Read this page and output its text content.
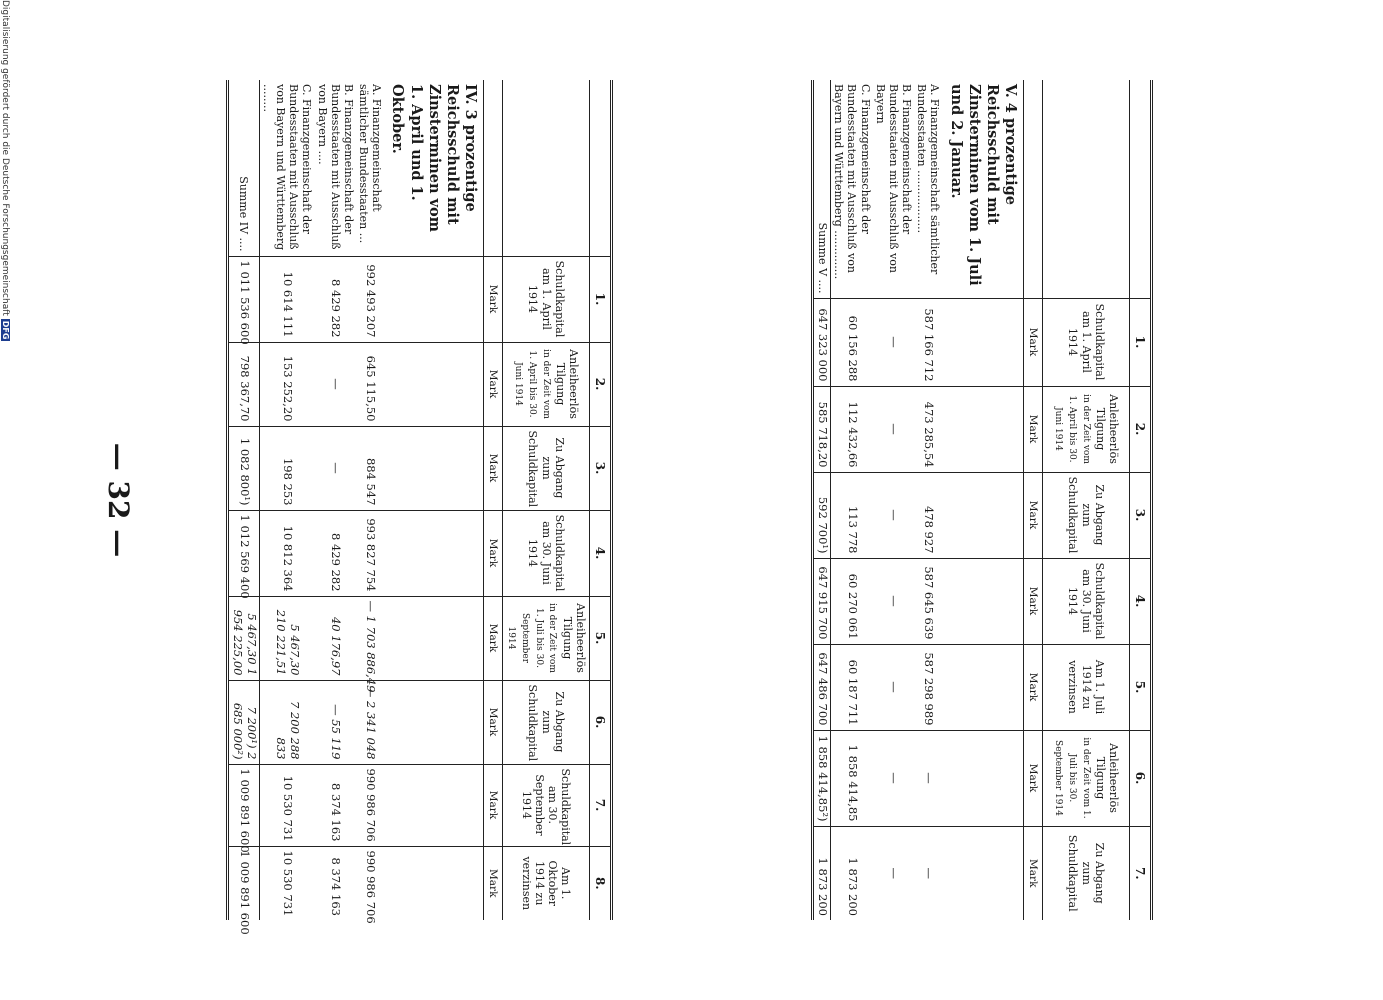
— 32 —
	1.	2.	3.	4.	5.	6.	7.	8.
	Schuldkapital am 1. April 1914	Anleiheerlös Tilgung
in der Zeit vom 1. April bis 30. Juni 1914	Zu Abgang zum Schuldkapital	Schuldkapital am 30. Juni 1914	Anleiheerlös Tilgung
in der Zeit vom 1. Juli bis 30. September 1914	Zu Abgang zum Schuldkapital	Schuldkapital am 30. September 1914	Am 1. Oktober 1914 zu verzinsen
	Mark	Mark	Mark	Mark	Mark	Mark	Mark	Mark
IV. 3 prozentige Reichsschuld mit Zinsterminen vom 1. April und 1. Oktober.								
A. Finanzgemeinschaft sämtlicher Bundesstaaten ...	992 493 207	645 115,50	884 547	993 827 754	— 1 703 886,49	— 2 341 048	990 986 706	990 986 706
B. Finanzgemeinschaft der Bundesstaaten mit Ausschluß von Bayern ....	8 429 282	—	—	8 429 282	40 176,97	— 55 119	8 374 163	8 374 163
C. Finanzgemeinschaft der Bundesstaaten mit Ausschluß von Bayern und Württemberg ........	10 614 111	153 252,20	198 253	10 812 364	5 467,30 210 221,51	7 200 288 833	10 530 731	10 530 731
Summe IV ....	1 011 536 600	798 367,70	1 082 800¹)	1 012 569 400	5 467,30 1 954 225,00	7 200¹) 2 685 000²)	1 009 891 600	1 009 891 600

	1.	2.	3.	4.	5.	6.	7.
	Schuldkapital am 1. April 1914	Anleiheerlös Tilgung
in der Zeit vom 1. April bis 30. Juni 1914	Zu Abgang zum Schuldkapital	Schuldkapital am 30. Juni 1914	Am 1. Juli 1914 zu verzinsen	Anleiheerlös Tilgung
in der Zeit vom 1. Juli bis 30. September 1914	Zu Abgang zum Schuldkapital
	Mark	Mark	Mark	Mark	Mark	Mark	Mark
V. 4 prozentige Reichsschuld mit Zinsterminen vom 1. Juli und 2. Januar.							
A. Finanzgemeinschaft sämtlicher Bundesstaaten ..................	587 166 712	473 285,54	478 927	587 645 639	587 298 989	—	—
B. Finanzgemeinschaft der Bundesstaaten mit Ausschluß von Bayern	—	—	—	—	—	—	—
C. Finanzgemeinschaft der Bundesstaaten mit Ausschluß von Bayern und Württemberg ..............	60 156 288	112 432,66	113 778	60 270 061	60 187 711	1 858 414,85	1 873 200
Summe V ....	647 323 000	585 718,20	592 700¹)	647 915 700	647 486 700	1 858 414,85²)	1 873 200

Digitalisierung gefördert durch die Deutsche ForschungsgemeinschaftDFG
